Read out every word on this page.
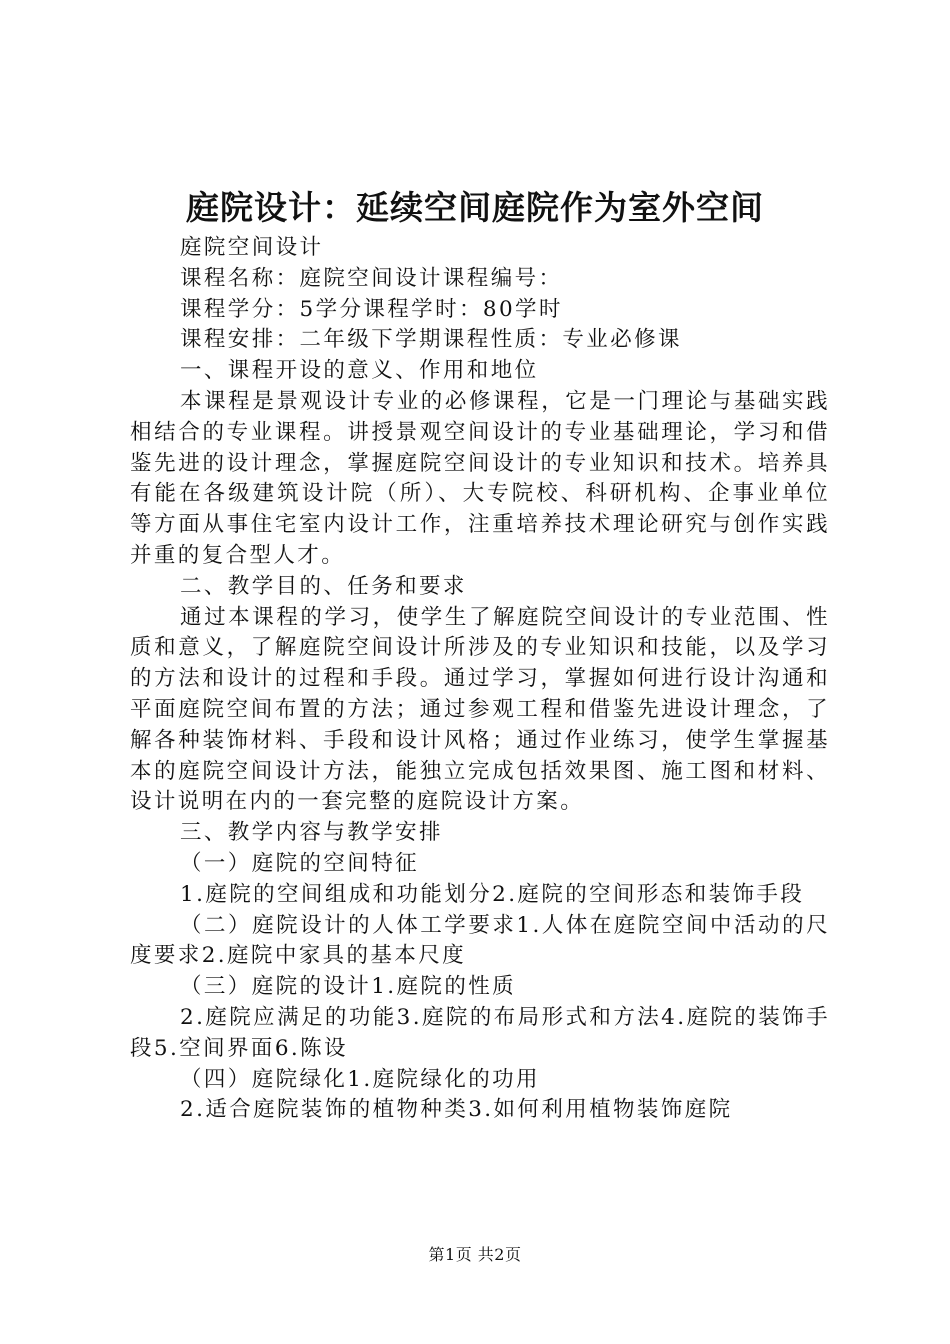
庭院设计：延续空间庭院作为室外空间

庭院空间设计

课程名称：庭院空间设计课程编号：

课程学分：5学分课程学时：80学时

课程安排：二年级下学期课程性质：专业必修课

一、课程开设的意义、作用和地位

本课程是景观设计专业的必修课程，它是一门理论与基础实践相结合的专业课程。讲授景观空间设计的专业基础理论，学习和借鉴先进的设计理念，掌握庭院空间设计的专业知识和技术。培养具有能在各级建筑设计院（所）、大专院校、科研机构、企事业单位等方面从事住宅室内设计工作，注重培养技术理论研究与创作实践并重的复合型人才。

二、教学目的、任务和要求

通过本课程的学习，使学生了解庭院空间设计的专业范围、性质和意义，了解庭院空间设计所涉及的专业知识和技能，以及学习的方法和设计的过程和手段。通过学习，掌握如何进行设计沟通和平面庭院空间布置的方法；通过参观工程和借鉴先进设计理念，了解各种装饰材料、手段和设计风格；通过作业练习，使学生掌握基本的庭院空间设计方法，能独立完成包括效果图、施工图和材料、设计说明在内的一套完整的庭院设计方案。

三、教学内容与教学安排

（一）庭院的空间特征

1.庭院的空间组成和功能划分2.庭院的空间形态和装饰手段

（二）庭院设计的人体工学要求1.人体在庭院空间中活动的尺度要求2.庭院中家具的基本尺度

（三）庭院的设计1.庭院的性质

2.庭院应满足的功能3.庭院的布局形式和方法4.庭院的装饰手段5.空间界面6.陈设

（四）庭院绿化1.庭院绿化的功用

2.适合庭院装饰的植物种类3.如何利用植物装饰庭院

第1页 共2页
